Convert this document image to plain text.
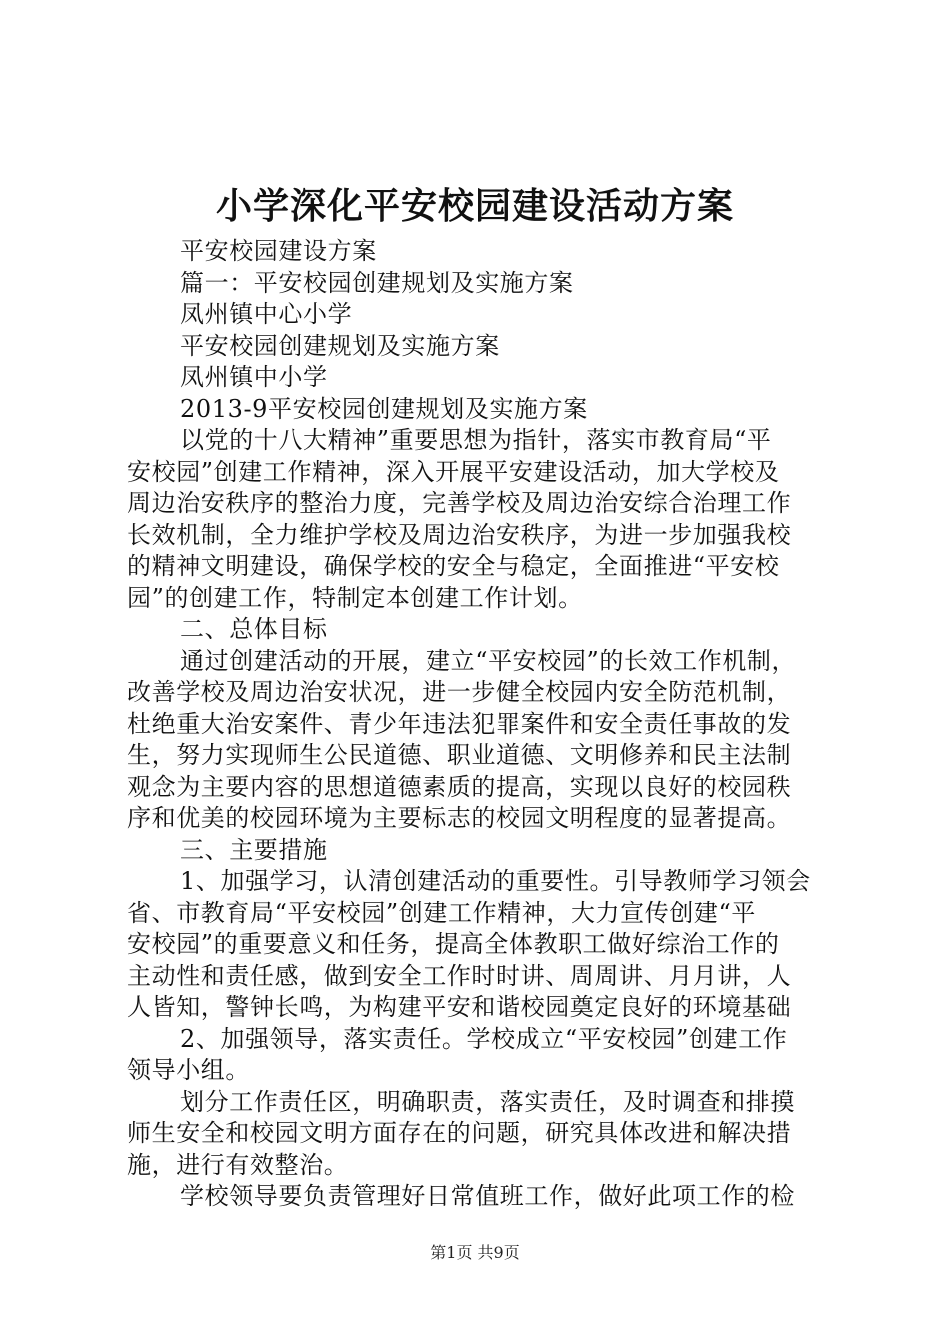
小学深化平安校园建设活动方案
平安校园建设方案
篇一：平安校园创建规划及实施方案
凤州镇中心小学
平安校园创建规划及实施方案
凤州镇中小学
2013-9平安校园创建规划及实施方案
以党的十八大精神”重要思想为指针，落实市教育局“平
安校园”创建工作精神，深入开展平安建设活动，加大学校及
周边治安秩序的整治力度，完善学校及周边治安综合治理工作
长效机制，全力维护学校及周边治安秩序，为进一步加强我校
的精神文明建设，确保学校的安全与稳定，全面推进“平安校
园”的创建工作，特制定本创建工作计划。
二、总体目标
通过创建活动的开展，建立“平安校园”的长效工作机制，
改善学校及周边治安状况，进一步健全校园内安全防范机制，
杜绝重大治安案件、青少年违法犯罪案件和安全责任事故的发
生，努力实现师生公民道德、职业道德、文明修养和民主法制
观念为主要内容的思想道德素质的提高，实现以良好的校园秩
序和优美的校园环境为主要标志的校园文明程度的显著提高。
三、主要措施
1、加强学习，认清创建活动的重要性。引导教师学习领会
省、市教育局“平安校园”创建工作精神，大力宣传创建“平
安校园”的重要意义和任务，提高全体教职工做好综治工作的
主动性和责任感，做到安全工作时时讲、周周讲、月月讲，人
人皆知，警钟长鸣，为构建平安和谐校园奠定良好的环境基础
2、加强领导，落实责任。学校成立“平安校园”创建工作
领导小组。
划分工作责任区，明确职责，落实责任，及时调查和排摸
师生安全和校园文明方面存在的问题，研究具体改进和解决措
施，进行有效整治。
学校领导要负责管理好日常值班工作，做好此项工作的检
第1页 共9页
